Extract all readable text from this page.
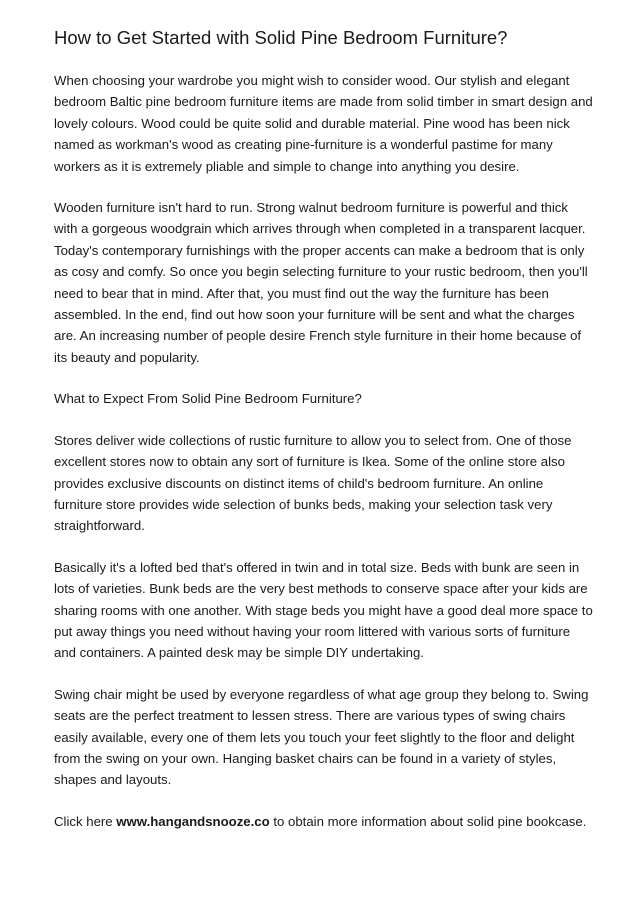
How to Get Started with Solid Pine Bedroom Furniture?

When choosing your wardrobe you might wish to consider wood. Our stylish and elegant bedroom Baltic pine bedroom furniture items are made from solid timber in smart design and lovely colours. Wood could be quite solid and durable material. Pine wood has been nick named as workman's wood as creating pine-furniture is a wonderful pastime for many workers as it is extremely pliable and simple to change into anything you desire.

Wooden furniture isn't hard to run. Strong walnut bedroom furniture is powerful and thick with a gorgeous woodgrain which arrives through when completed in a transparent lacquer. Today's contemporary furnishings with the proper accents can make a bedroom that is only as cosy and comfy. So once you begin selecting furniture to your rustic bedroom, then you'll need to bear that in mind. After that, you must find out the way the furniture has been assembled. In the end, find out how soon your furniture will be sent and what the charges are. An increasing number of people desire French style furniture in their home because of its beauty and popularity.

What to Expect From Solid Pine Bedroom Furniture?

Stores deliver wide collections of rustic furniture to allow you to select from. One of those excellent stores now to obtain any sort of furniture is Ikea. Some of the online store also provides exclusive discounts on distinct items of child's bedroom furniture. An online furniture store provides wide selection of bunks beds, making your selection task very straightforward.

Basically it's a lofted bed that's offered in twin and in total size. Beds with bunk are seen in lots of varieties. Bunk beds are the very best methods to conserve space after your kids are sharing rooms with one another. With stage beds you might have a good deal more space to put away things you need without having your room littered with various sorts of furniture and containers. A painted desk may be simple DIY undertaking.

Swing chair might be used by everyone regardless of what age group they belong to. Swing seats are the perfect treatment to lessen stress. There are various types of swing chairs easily available, every one of them lets you touch your feet slightly to the floor and delight from the swing on your own. Hanging basket chairs can be found in a variety of styles, shapes and layouts.

Click here www.hangandsnooze.co to obtain more information about solid pine bookcase.
